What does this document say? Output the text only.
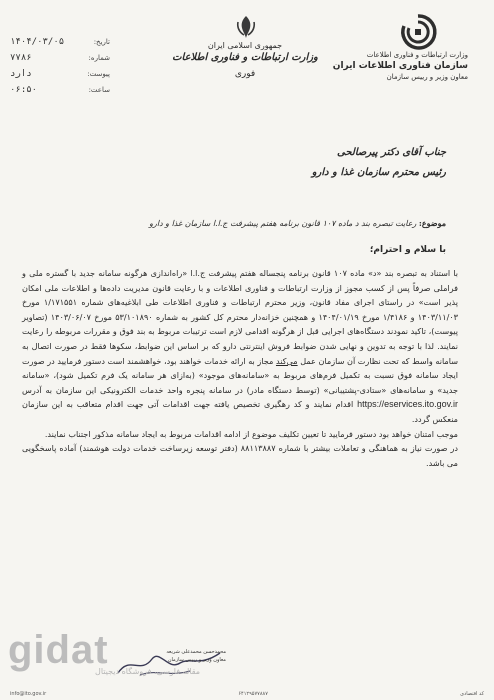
تاریخ:
۱۴۰۴/۰۳/۰۵
شماره:
۷۷۸۶
پیوست:
دارد
ساعت:
۰۶:۵۰
جمهوری اسلامی ایران
وزارت ارتباطات و فناوری اطلاعات
فوری
وزارت ارتباطات و فناوری اطلاعات
سازمان فناوری اطلاعات ایران
معاون وزیر و رییس سازمان
جناب آقای دکتر پیرصالحی
رئیس محترم سازمان غذا و دارو
موضوع: رعایت تبصره بند د ماده ۱۰۷ قانون برنامه هفتم پیشرفت ج.ا.ا سازمان غذا و دارو
با سلام و احترام؛

با استناد به تبصره بند «د» ماده ۱۰۷ قانون برنامه پنجساله هفتم پیشرفت ج.ا.ا «راه‌اندازی هرگونه سامانه جدید با گستره ملی و فراملی صرفاً پس از کسب مجوز از وزارت ارتباطات و فناوری اطلاعات و با رعایت قانون مدیریت داده‌ها و اطلاعات ملی امکان پذیر است» در راستای اجرای مفاد قانون، وزیر محترم ارتباطات و فناوری اطلاعات طی ابلاغیه‌های شماره ۱/۱۷۱۵۵۱ مورخ ۱۴۰۳/۱۱/۰۳ و ۱/۴۱۸۶ مورخ ۱۴۰۴/۰۱/۱۹ و همچنین خزانه‌دار محترم کل کشور به شماره ۵۳/۱۰۱۸۹۰ مورخ ۱۴۰۳/۰۶/۰۷ (تصاویر پیوست)، تاکید نمودند دستگاه‌های اجرایی قبل از هرگونه اقدامی لازم است ترتیبات مربوط به بند فوق و مقررات مربوطه را رعایت نمایند. لذا با توجه به تدوین و نهایی شدن ضوابط فروش اینترنتی دارو که بر اساس این ضوابط، سکوها فقط در صورت اتصال به سامانه واسط که تحت نظارت آن سازمان عمل می‌کند مجاز به ارائه خدمات خواهند بود، خواهشمند است دستور فرمایید در صورت ایجاد سامانه فوق نسبت به تکمیل فرم‌های مربوط به «سامانه‌های موجود» (به‌ازای هر سامانه یک فرم تکمیل شود)، «سامانه جدید» و سامانه‌های «ستادی-پشتیبانی» (توسط دستگاه مادر) در سامانه پنجره واحد خدمات الکترونیکی این سازمان به آدرس https://eservices.ito.gov.ir اقدام نمایند و کد رهگیری تخصیص یافته جهت اقدامات آتی جهت اقدام متعاقب به این سازمان منعکس گردد.

موجب امتنان خواهد بود دستور فرمایید تا تعیین تکلیف موضوع از ادامه اقدامات مربوط به ایجاد سامانه مذکور اجتناب نمایند.

در صورت نیاز به هماهنگی و تعاملات بیشتر با شماره ۸۸۱۱۳۸۸۷ (دفتر توسعه زیرساخت خدمات دولت هوشمند) آماده پاسخگویی می باشد.

محمدحسن محمدعلی شریعه
معاون وزیر و رییس سازمان
gidat
مقاله فارسی، فروشگاه دیجیتال
کد اقتصادی
۶۴۱۲۹۵۷۷۸۸۷
info@ito.gov.ir
